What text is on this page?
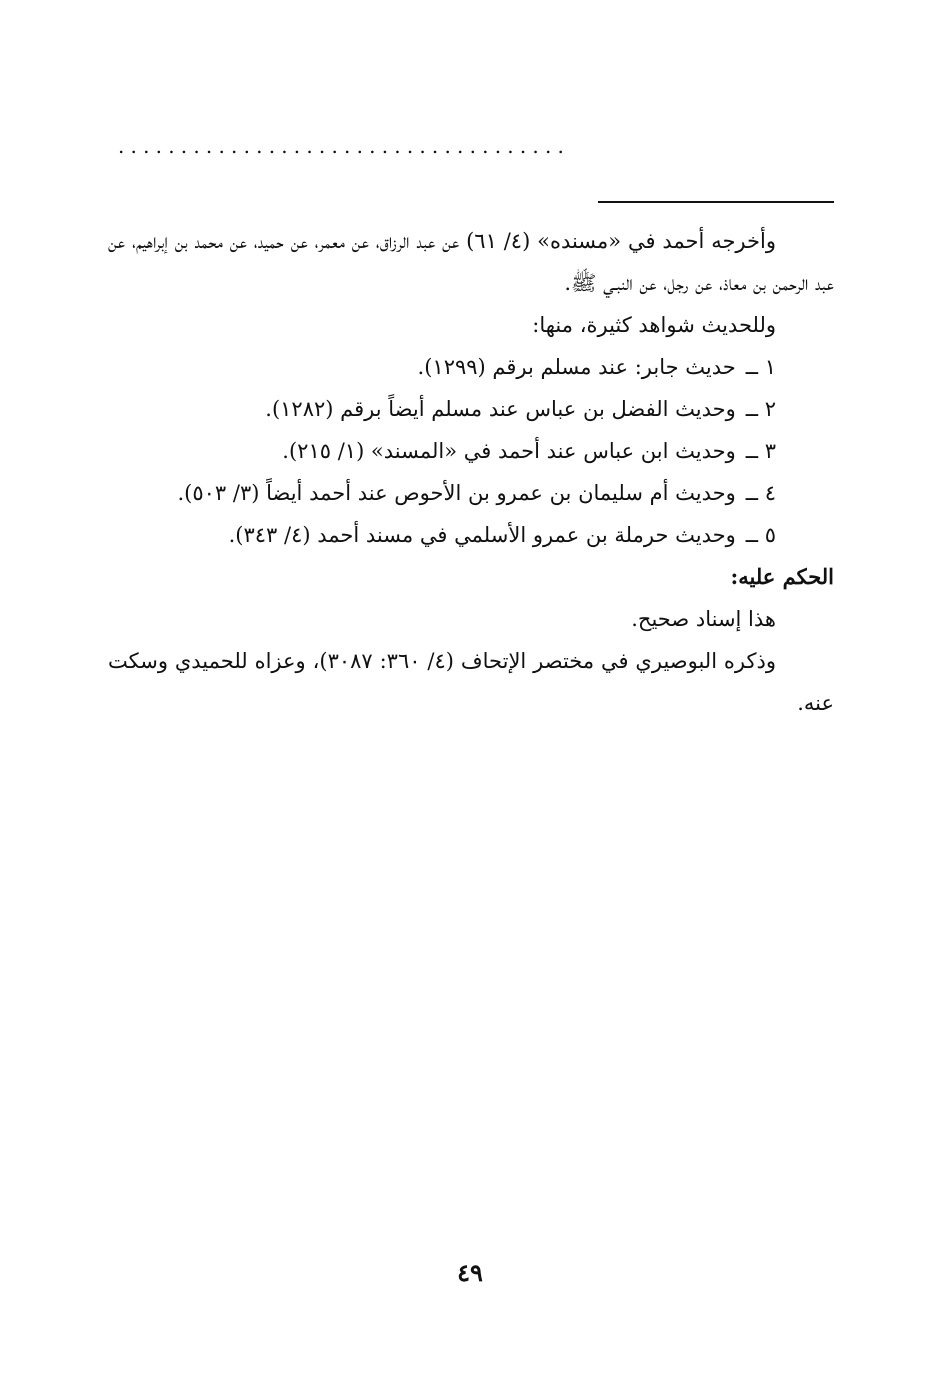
....................................

وأخرجه أحمد في «مسنده» (٤/ ٦١) عن عبد الرزاق، عن معمر، عن حميد، عن محمد بن إبراهيم، عن عبد الرحمن بن معاذ، عن رجل، عن النبـي ﷺ.

وللحديث شواهد كثيرة، منها:

١ ــحديث جابر: عند مسلم برقم (١٢٩٩).

٢ ــوحديث الفضل بن عباس عند مسلم أيضاً برقم (١٢٨٢).

٣ ــوحديث ابن عباس عند أحمد في «المسند» (١/ ٢١٥).

٤ ــوحديث أم سليمان بن عمرو بن الأحوص عند أحمد أيضاً (٣/ ٥٠٣).

٥ ــوحديث حرملة بن عمرو الأسلمي في مسند أحمد (٤/ ٣٤٣).

الحكم عليه:

هذا إسناد صحيح.

وذكره البوصيري في مختصر الإتحاف (٤/ ٣٦٠: ٣٠٨٧)، وعزاه للحميدي وسكت عنه.

٤٩
